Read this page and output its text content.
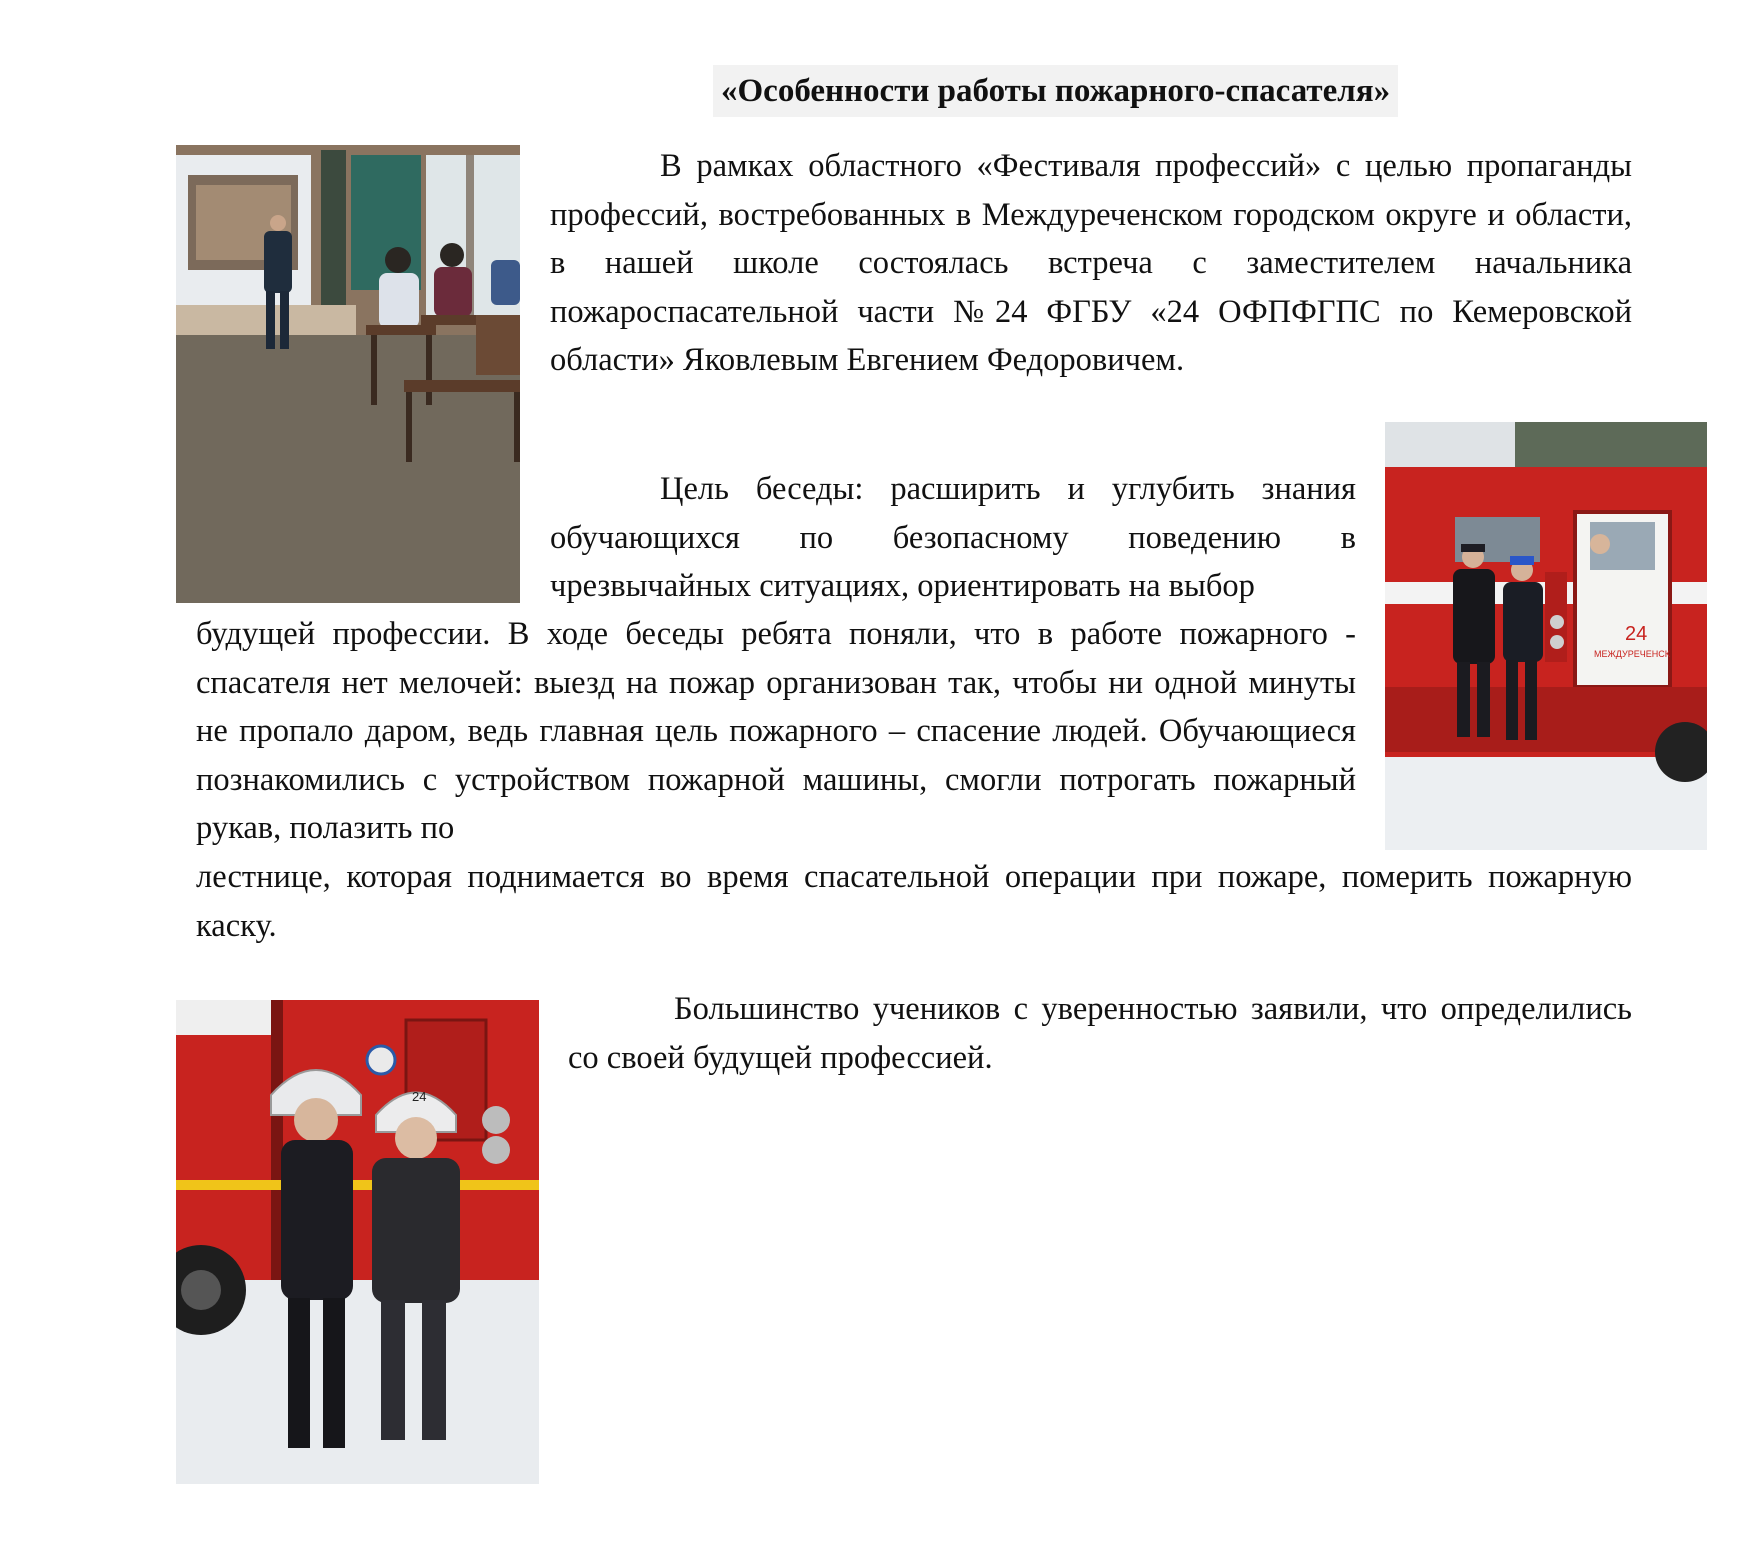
«Особенности работы пожарного-спасателя»

В рамках областного «Фестиваля профессий» с целью пропаганды профессий, востребованных в Междуреченском городском округе и области, в нашей школе состоялась встреча с заместителем начальника пожароспасательной части №24 ФГБУ «24 ОФПФГПС по Кемеровской области» Яковлевым Евгением Федоровичем.

24
МЕЖДУРЕЧЕНСК

Цель беседы: расширить и углубить знания обучающихся по безопасному поведению в чрезвычайных ситуациях, ориентировать на выбор

будущей профессии. В ходе беседы ребята поняли, что в работе пожарного - спасателя нет мелочей: выезд на пожар организован так, чтобы ни одной минуты не пропало даром, ведь главная цель пожарного – спасение людей. Обучающиеся познакомились с устройством пожарной машины, смогли потрогать пожарный рукав, полазить по

лестнице, которая поднимается во время спасательной операции при пожаре, померить пожарную каску.

24

Большинство учеников с уверенностью заявили, что определились со своей будущей профессией.
